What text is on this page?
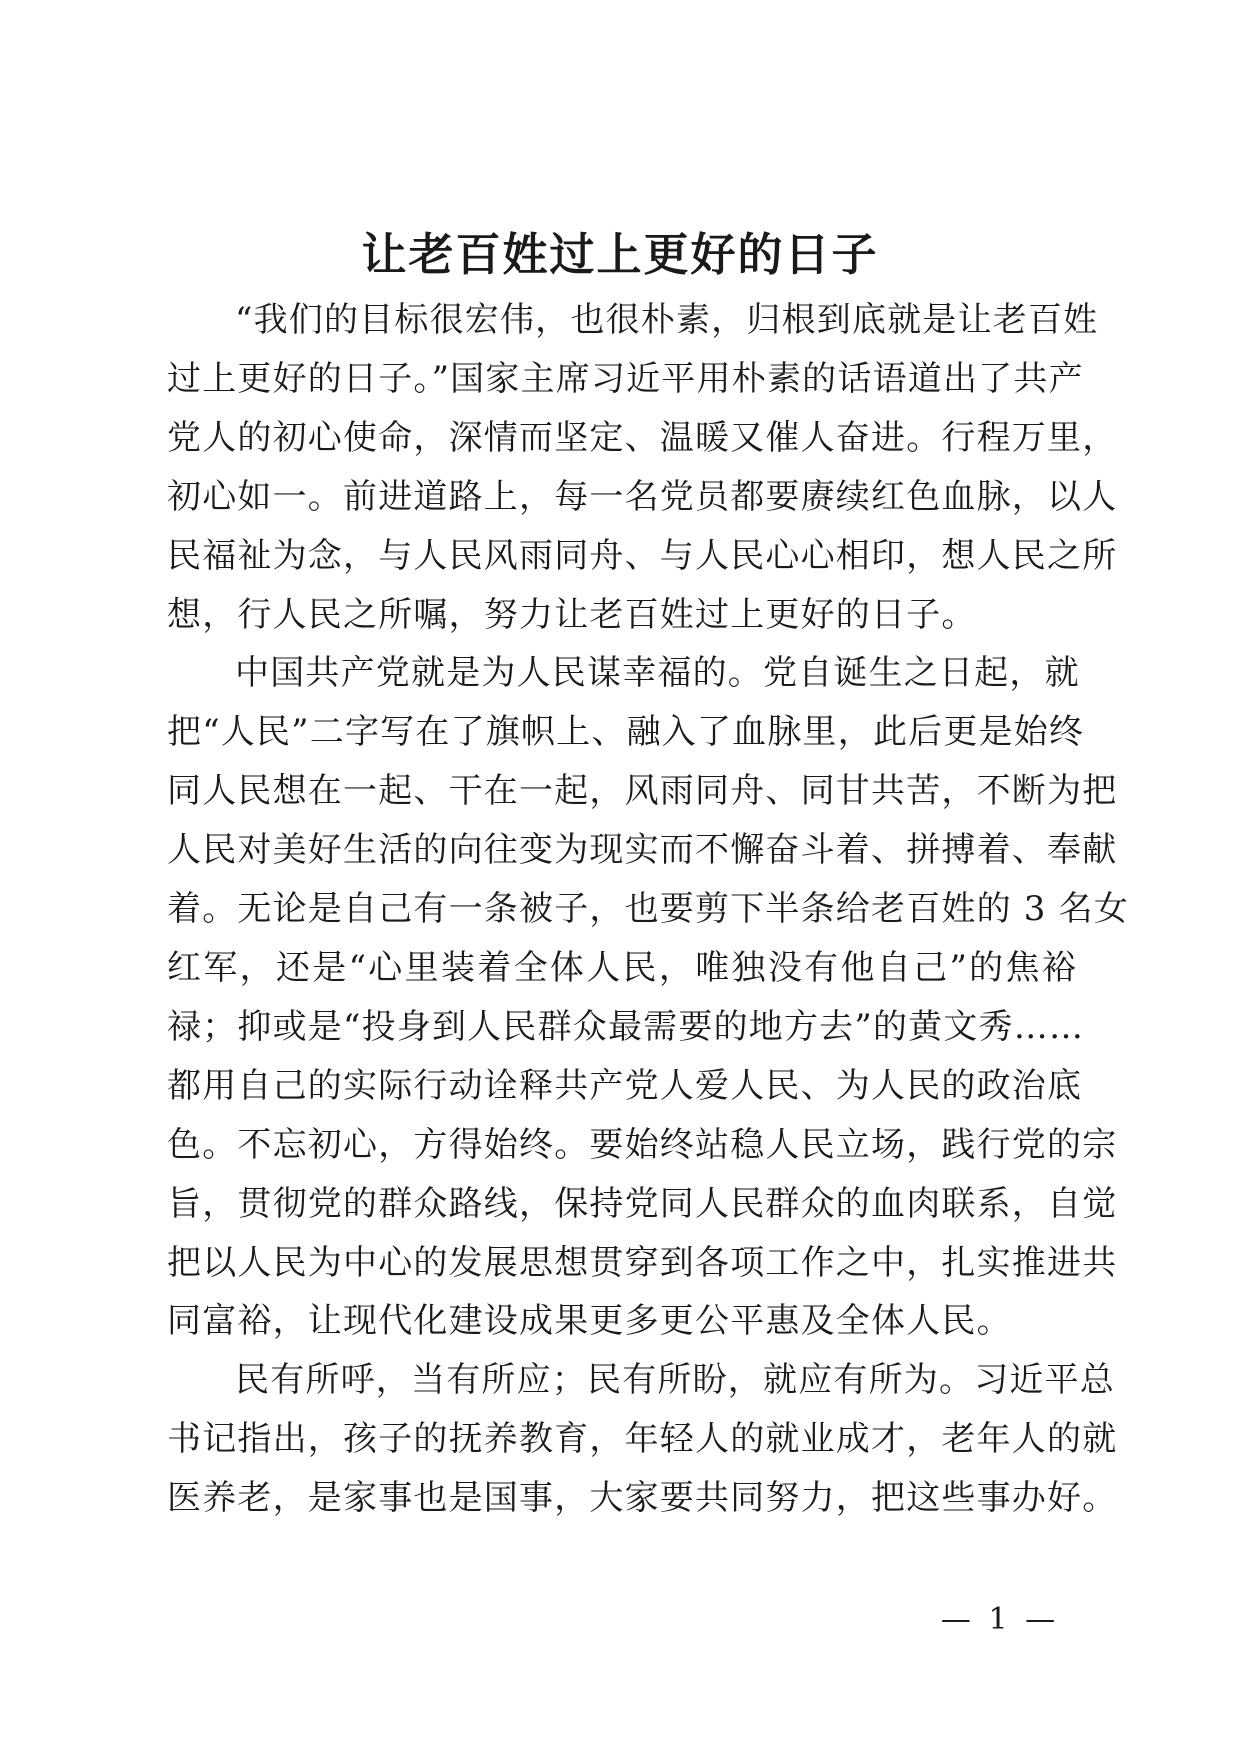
让老百姓过上更好的日子
“我们的目标很宏伟，也很朴素，归根到底就是让老百姓
过上更好的日子。”国家主席习近平用朴素的话语道出了共产
党人的初心使命，深情而坚定、温暖又催人奋进。行程万里，
初心如一。前进道路上，每一名党员都要赓续红色血脉，以人
民福祉为念，与人民风雨同舟、与人民心心相印，想人民之所
想，行人民之所嘱，努力让老百姓过上更好的日子。
中国共产党就是为人民谋幸福的。党自诞生之日起，就
把“人民”二字写在了旗帜上、融入了血脉里，此后更是始终
同人民想在一起、干在一起，风雨同舟、同甘共苦，不断为把
人民对美好生活的向往变为现实而不懈奋斗着、拼搏着、奉献
着。无论是自己有一条被子，也要剪下半条给老百姓的 3 名女
红军，还是“心里装着全体人民，唯独没有他自己”的焦裕
禄；抑或是“投身到人民群众最需要的地方去”的黄文秀……
都用自己的实际行动诠释共产党人爱人民、为人民的政治底
色。不忘初心，方得始终。要始终站稳人民立场，践行党的宗
旨，贯彻党的群众路线，保持党同人民群众的血肉联系，自觉
把以人民为中心的发展思想贯穿到各项工作之中，扎实推进共
同富裕，让现代化建设成果更多更公平惠及全体人民。
民有所呼，当有所应；民有所盼，就应有所为。习近平总
书记指出，孩子的抚养教育，年轻人的就业成才，老年人的就
医养老，是家事也是国事，大家要共同努力，把这些事办好。
— 1 —
